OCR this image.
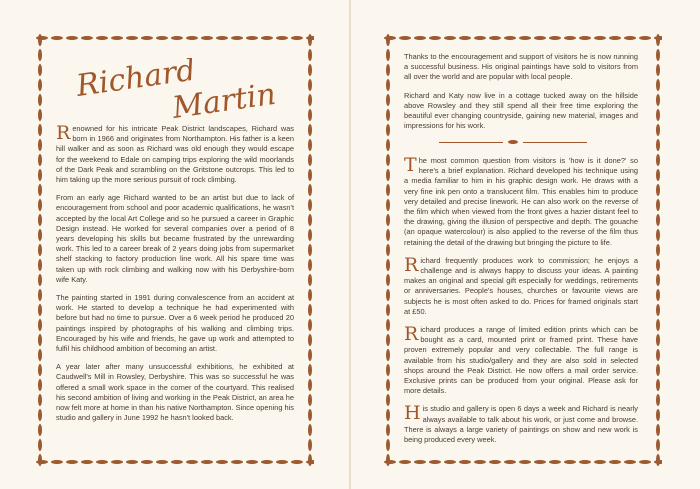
Richard
Martin

Renowned for his intricate Peak District landscapes, Richard was born in 1966 and originates from Northampton. His father is a keen hill walker and as soon as Richard was old enough they would escape for the weekend to Edale on camping trips exploring the wild moorlands of the Dark Peak and scrambling on the Gritstone outcrops. This led to him taking up the more serious pursuit of rock climbing.

From an early age Richard wanted to be an artist but due to lack of encouragement from school and poor academic qualifications, he wasn't accepted by the local Art College and so he pursued a career in Graphic Design instead. He worked for several companies over a period of 8 years developing his skills but became frustrated by the unrewarding work. This led to a career break of 2 years doing jobs from supermarket shelf stacking to factory production line work. All his spare time was taken up with rock climbing and walking now with his Derbyshire-born wife Katy.

The painting started in 1991 during convalescence from an accident at work. He started to develop a technique he had experimented with before but had no time to pursue. Over a 6 week period he produced 20 paintings inspired by photographs of his walking and climbing trips. Encouraged by his wife and friends, he gave up work and attempted to fulfil his childhood ambition of becoming an artist.

A year later after many unsuccessful exhibitions, he exhibited at Caudwell's Mill in Rowsley, Derbyshire. This was so successful he was offered a small work space in the corner of the courtyard. This realised his second ambition of living and working in the Peak District, an area he now felt more at home in than his native Northampton. Since opening his studio and gallery in June 1992 he hasn't looked back.

Thanks to the encouragement and support of visitors he is now running a successful business. His original paintings have sold to visitors from all over the world and are popular with local people.

Richard and Katy now live in a cottage tucked away on the hillside above Rowsley and they still spend all their free time exploring the beautiful ever changing countryside, gaining new material, images and impressions for his work.

The most common question from visitors is 'how is it done?' so here's a brief explanation. Richard developed his technique using a media familiar to him in his graphic design work. He draws with a very fine ink pen onto a translucent film. This enables him to produce very detailed and precise linework. He can also work on the reverse of the film which when viewed from the front gives a hazier distant feel to the drawing, giving the illusion of perspective and depth. The gouache (an opaque watercolour) is also applied to the reverse of the film thus retaining the detail of the drawing but bringing the picture to life.

Richard frequently produces work to commission; he enjoys a challenge and is always happy to discuss your ideas. A painting makes an original and special gift especially for weddings, retirements or anniversaries. People's houses, churches or favourite views are subjects he is most often asked to do. Prices for framed originals start at £50.

Richard produces a range of limited edition prints which can be bought as a card, mounted print or framed print. These have proven extremely popular and very collectable. The full range is available from his studio/gallery and they are also sold in selected shops around the Peak District. He now offers a mail order service. Exclusive prints can be produced from your original. Please ask for more details.

His studio and gallery is open 6 days a week and Richard is nearly always available to talk about his work, or just come and browse. There is always a large variety of paintings on show and new work is being produced every week.
